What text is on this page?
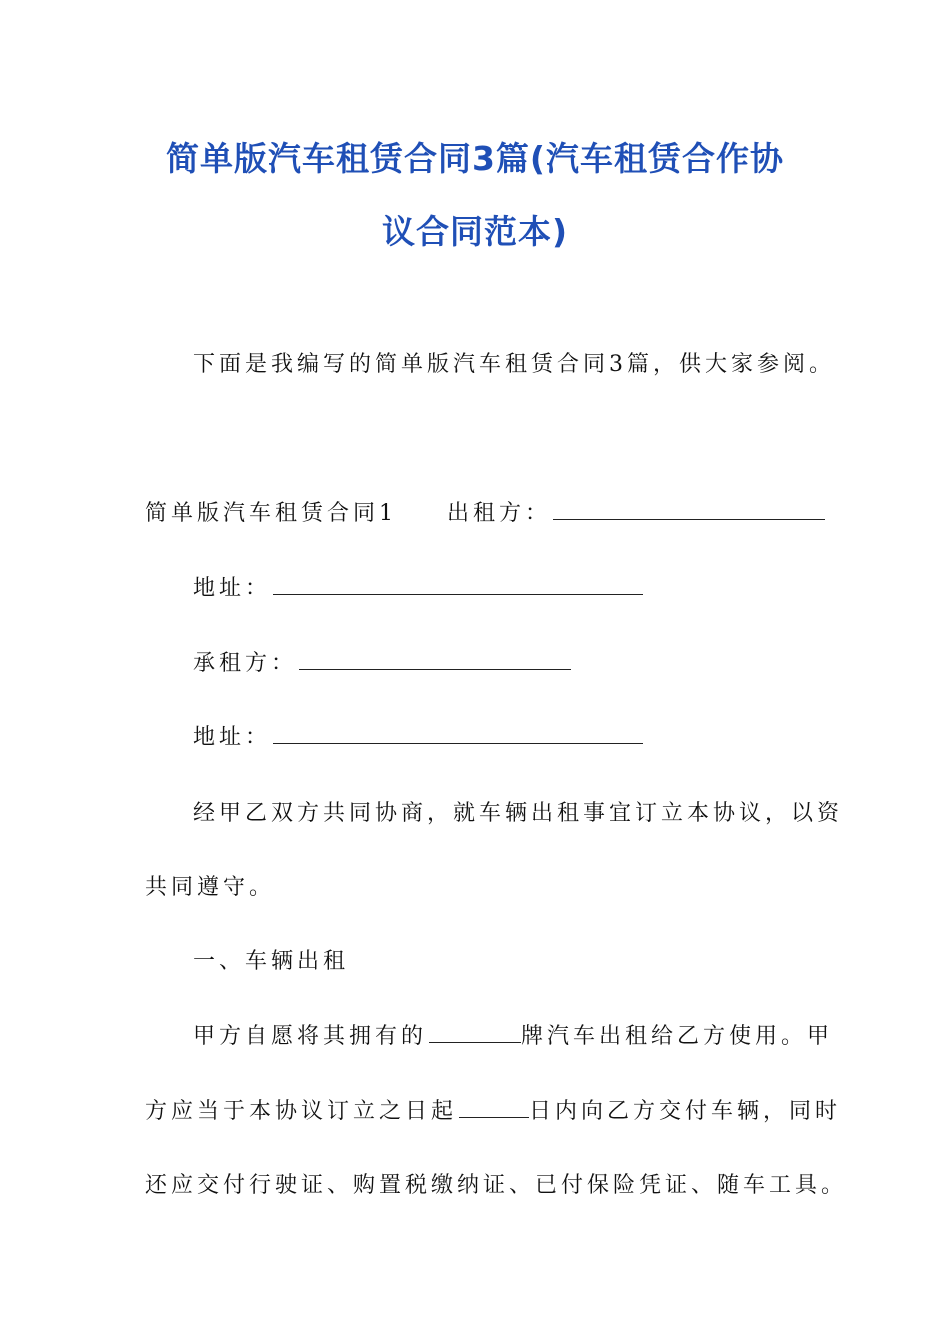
简单版汽车租赁合同3篇(汽车租赁合作协
议合同范本)
下面是我编写的简单版汽车租赁合同3篇，供大家参阅。
简单版汽车租赁合同1 出租方：
地址：
承租方：
地址：
经甲乙双方共同协商，就车辆出租事宜订立本协议，以资
共同遵守。
一、车辆出租
甲方自愿将其拥有的	牌汽车出租给乙方使用。甲
方应当于本协议订立之日起	日内向乙方交付车辆，同时
还应交付行驶证、购置税缴纳证、已付保险凭证、随车工具。
